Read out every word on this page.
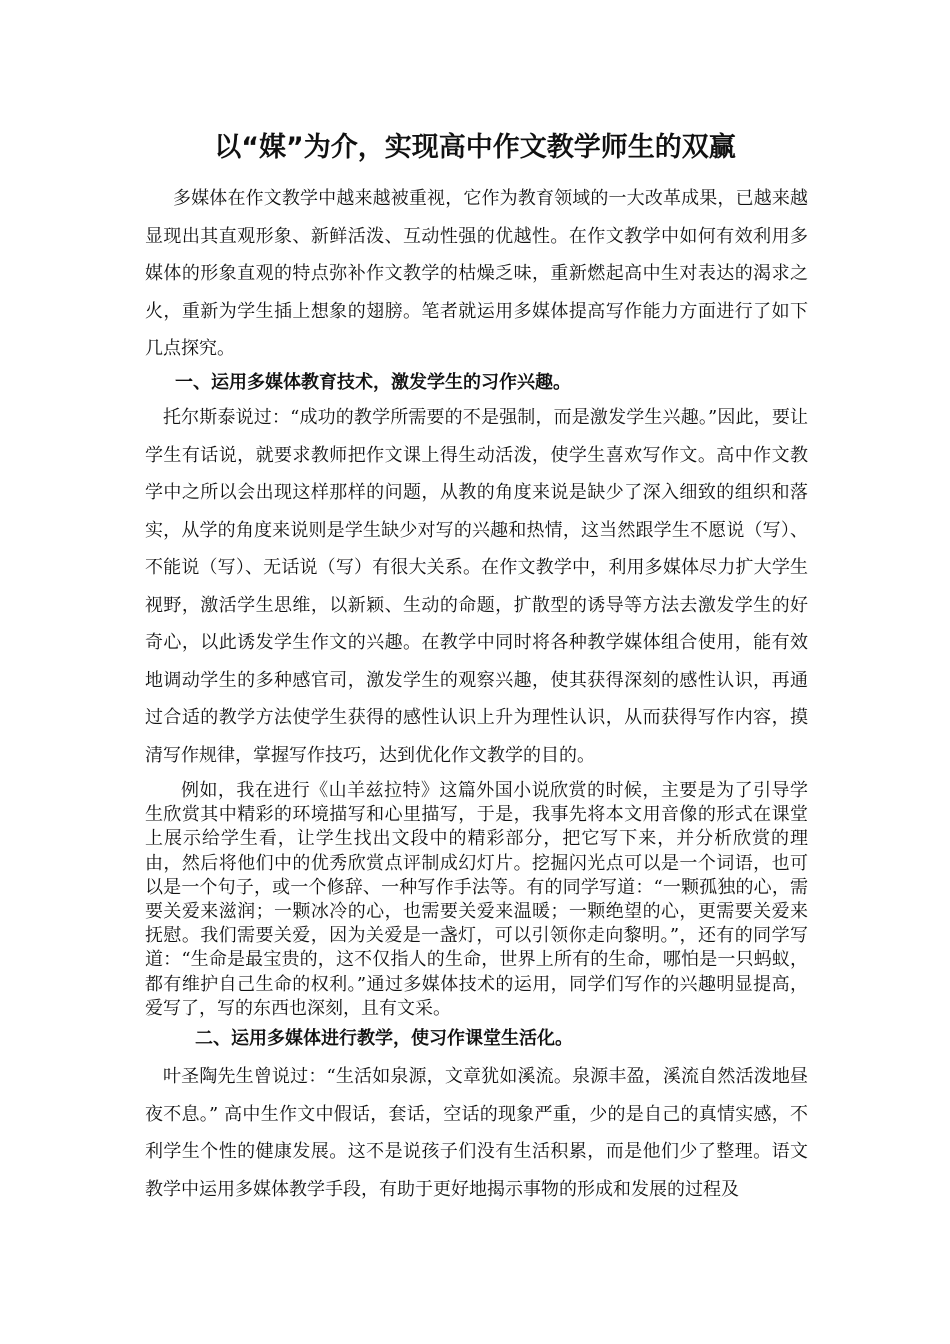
以“媒”为介，实现高中作文教学师生的双赢

多媒体在作文教学中越来越被重视，它作为教育领域的一大改革成果，已越来越显现出其直观形象、新鲜活泼、互动性强的优越性。在作文教学中如何有效利用多媒体的形象直观的特点弥补作文教学的枯燥乏味，重新燃起高中生对表达的渴求之火，重新为学生插上想象的翅膀。笔者就运用多媒体提高写作能力方面进行了如下几点探究。

一、运用多媒体教育技术，激发学生的习作兴趣。

托尔斯泰说过：“成功的教学所需要的不是强制，而是激发学生兴趣。”因此，要让学生有话说，就要求教师把作文课上得生动活泼，使学生喜欢写作文。高中作文教学中之所以会出现这样那样的问题，从教的角度来说是缺少了深入细致的组织和落实，从学的角度来说则是学生缺少对写的兴趣和热情，这当然跟学生不愿说（写）、不能说（写）、无话说（写）有很大关系。在作文教学中，利用多媒体尽力扩大学生视野，激活学生思维，以新颖、生动的命题，扩散型的诱导等方法去激发学生的好奇心，以此诱发学生作文的兴趣。在教学中同时将各种教学媒体组合使用，能有效地调动学生的多种感官司，激发学生的观察兴趣，使其获得深刻的感性认识，再通过合适的教学方法使学生获得的感性认识上升为理性认识，从而获得写作内容，摸清写作规律，掌握写作技巧，达到优化作文教学的目的。

例如，我在进行《山羊兹拉特》这篇外国小说欣赏的时候，主要是为了引导学生欣赏其中精彩的环境描写和心里描写，于是，我事先将本文用音像的形式在课堂上展示给学生看，让学生找出文段中的精彩部分，把它写下来，并分析欣赏的理由，然后将他们中的优秀欣赏点评制成幻灯片。挖掘闪光点可以是一个词语，也可以是一个句子，或一个修辞、一种写作手法等。有的同学写道：“一颗孤独的心，需要关爱来滋润；一颗冰冷的心，也需要关爱来温暖；一颗绝望的心，更需要关爱来抚慰。我们需要关爱，因为关爱是一盏灯，可以引领你走向黎明。”，还有的同学写道：“生命是最宝贵的，这不仅指人的生命，世界上所有的生命，哪怕是一只蚂蚁，都有维护自己生命的权利。”通过多媒体技术的运用，同学们写作的兴趣明显提高，爱写了，写的东西也深刻，且有文采。

二、运用多媒体进行教学，使习作课堂生活化。

叶圣陶先生曾说过：“生活如泉源，文章犹如溪流。泉源丰盈，溪流自然活泼地昼夜不息。” 高中生作文中假话，套话，空话的现象严重，少的是自己的真情实感，不利学生个性的健康发展。这不是说孩子们没有生活积累，而是他们少了整理。语文教学中运用多媒体教学手段，有助于更好地揭示事物的形成和发展的过程及
